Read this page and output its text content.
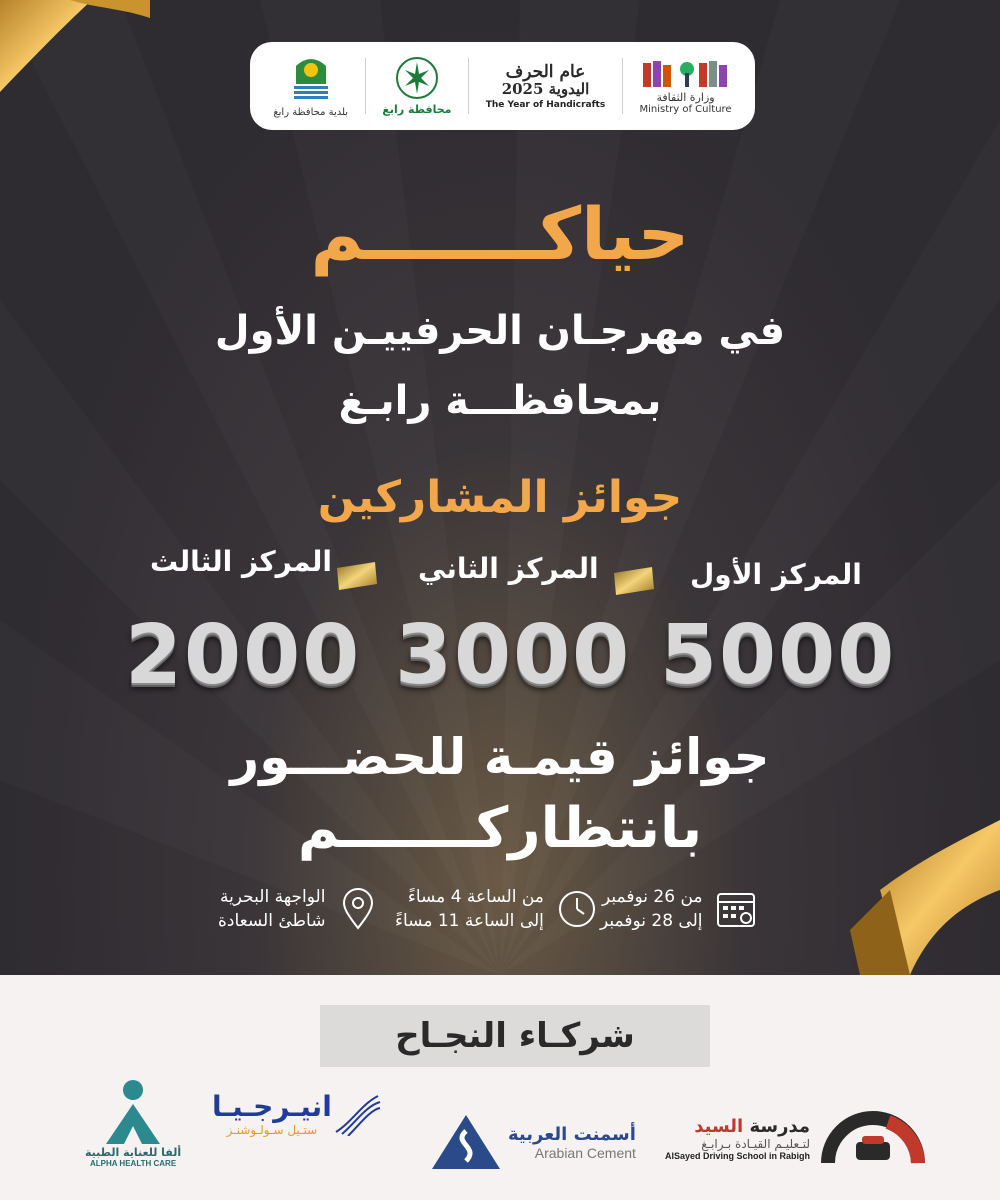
وزارة الثقافة
Ministry of Culture
عام الحرف
اليدوية 2025
The Year of Handicrafts
محافظة رابغ
بلدية محافظة رابغ
حياكـــــــم
في مهرجـان الحرفييـن الأول
بمحافظـــة رابـغ
جوائز المشاركين
المركز الأول
المركز الثاني
المركز الثالث
5000
3000
2000
جوائز قيمـة للحضـــور
بانتظاركـــــــم
من 26 نوفمبر
إلى 28 نوفمبر
من الساعة 4 مساءً
إلى الساعة 11 مساءً
الواجهة البحرية
شاطئ السعادة
شركـاء النجـاح
مدرسة السيد
لتـعليـم القيـادة بـرابـغ
AlSayed Driving School in Rabigh
أسمنت العربية
Arabian Cement
انيـرجـيـا
ستـيل سـولـوشنـز
ألفا للعناية الطبية
ALPHA HEALTH CARE
